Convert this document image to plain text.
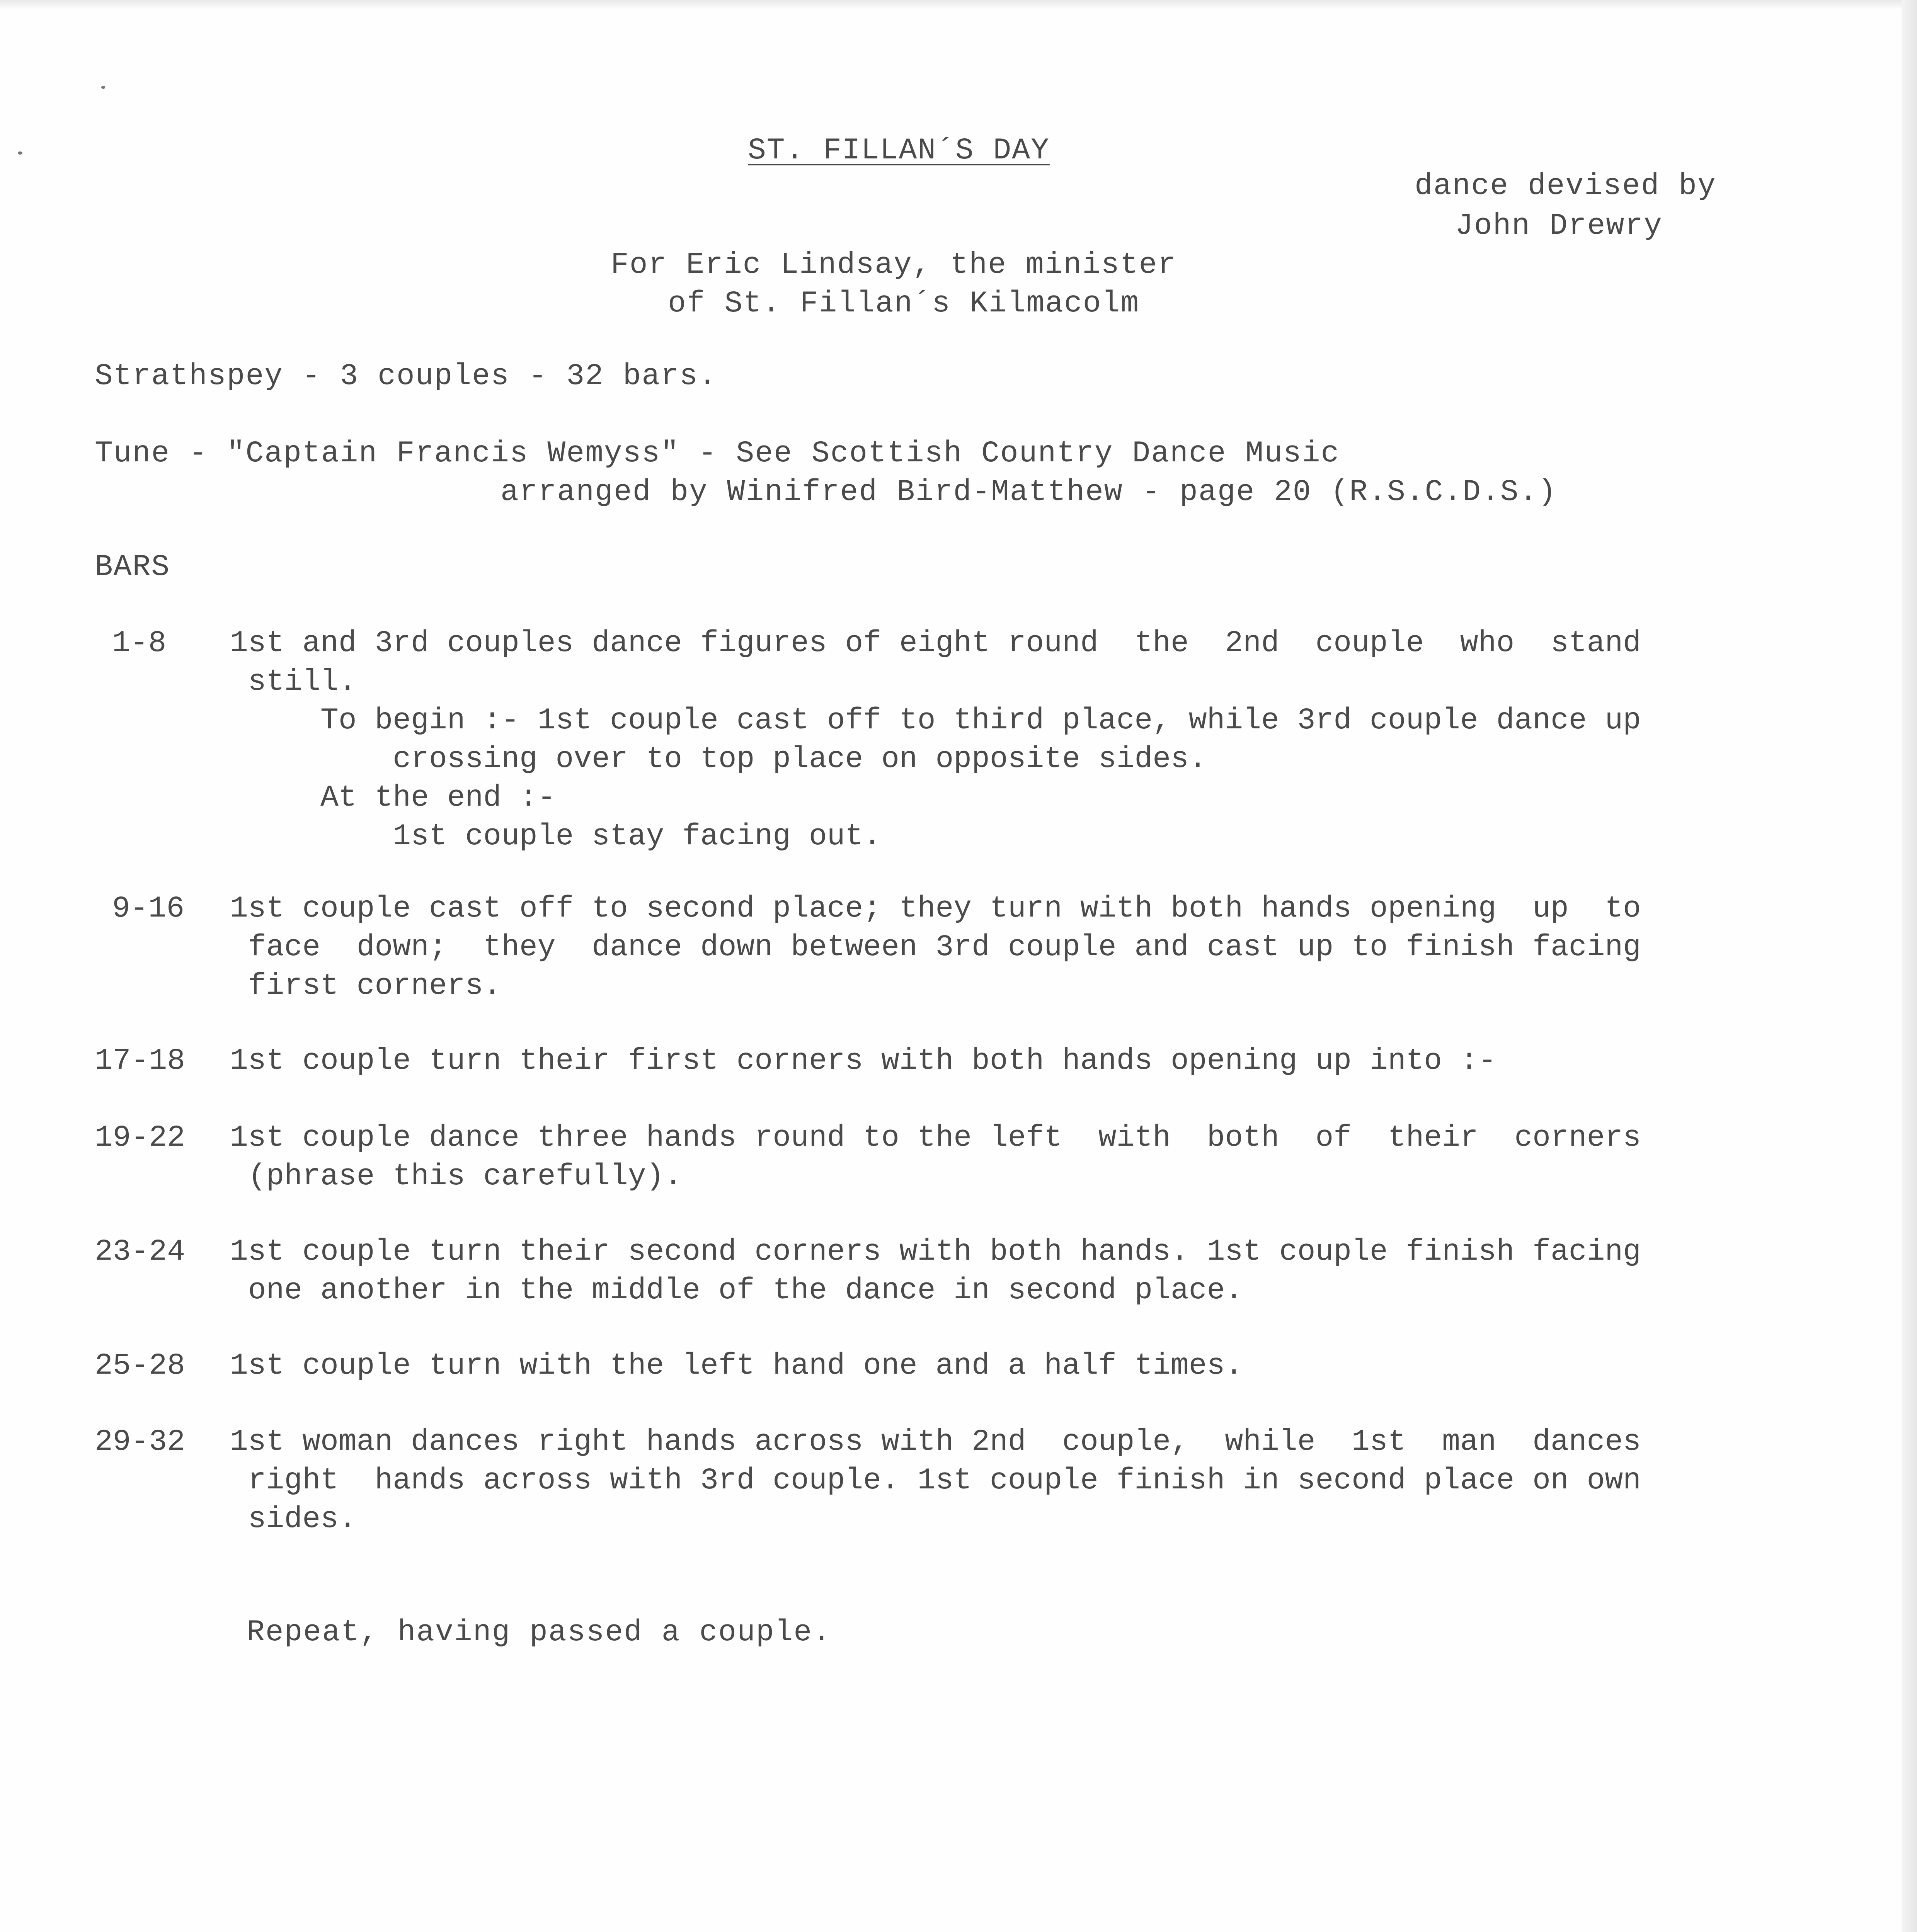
ST. FILLAN´S DAY
dance devised by
John Drewry
For Eric Lindsay, the minister
of St. Fillan´s Kilmacolm
Strathspey - 3 couples - 32 bars.
Tune - "Captain Francis Wemyss" - See Scottish Country Dance Music
arranged by Winifred Bird-Matthew - page 20 (R.S.C.D.S.)
BARS
1-8 1st and 3rd couples dance figures of eight round  the  2nd  couple  who  stand
still.
To begin :- 1st couple cast off to third place, while 3rd couple dance up
crossing over to top place on opposite sides.
At the end :-
1st couple stay facing out.
9-16 1st couple cast off to second place; they turn with both hands opening  up  to
face  down;  they  dance down between 3rd couple and cast up to finish facing
first corners.
17-18 1st couple turn their first corners with both hands opening up into :-
19-22 1st couple dance three hands round to the left  with  both  of  their  corners
(phrase this carefully).
23-24 1st couple turn their second corners with both hands. 1st couple finish facing
one another in the middle of the dance in second place.
25-28 1st couple turn with the left hand one and a half times.
29-32 1st woman dances right hands across with 2nd  couple,  while  1st  man  dances
right  hands across with 3rd couple. 1st couple finish in second place on own
sides.
Repeat, having passed a couple.
